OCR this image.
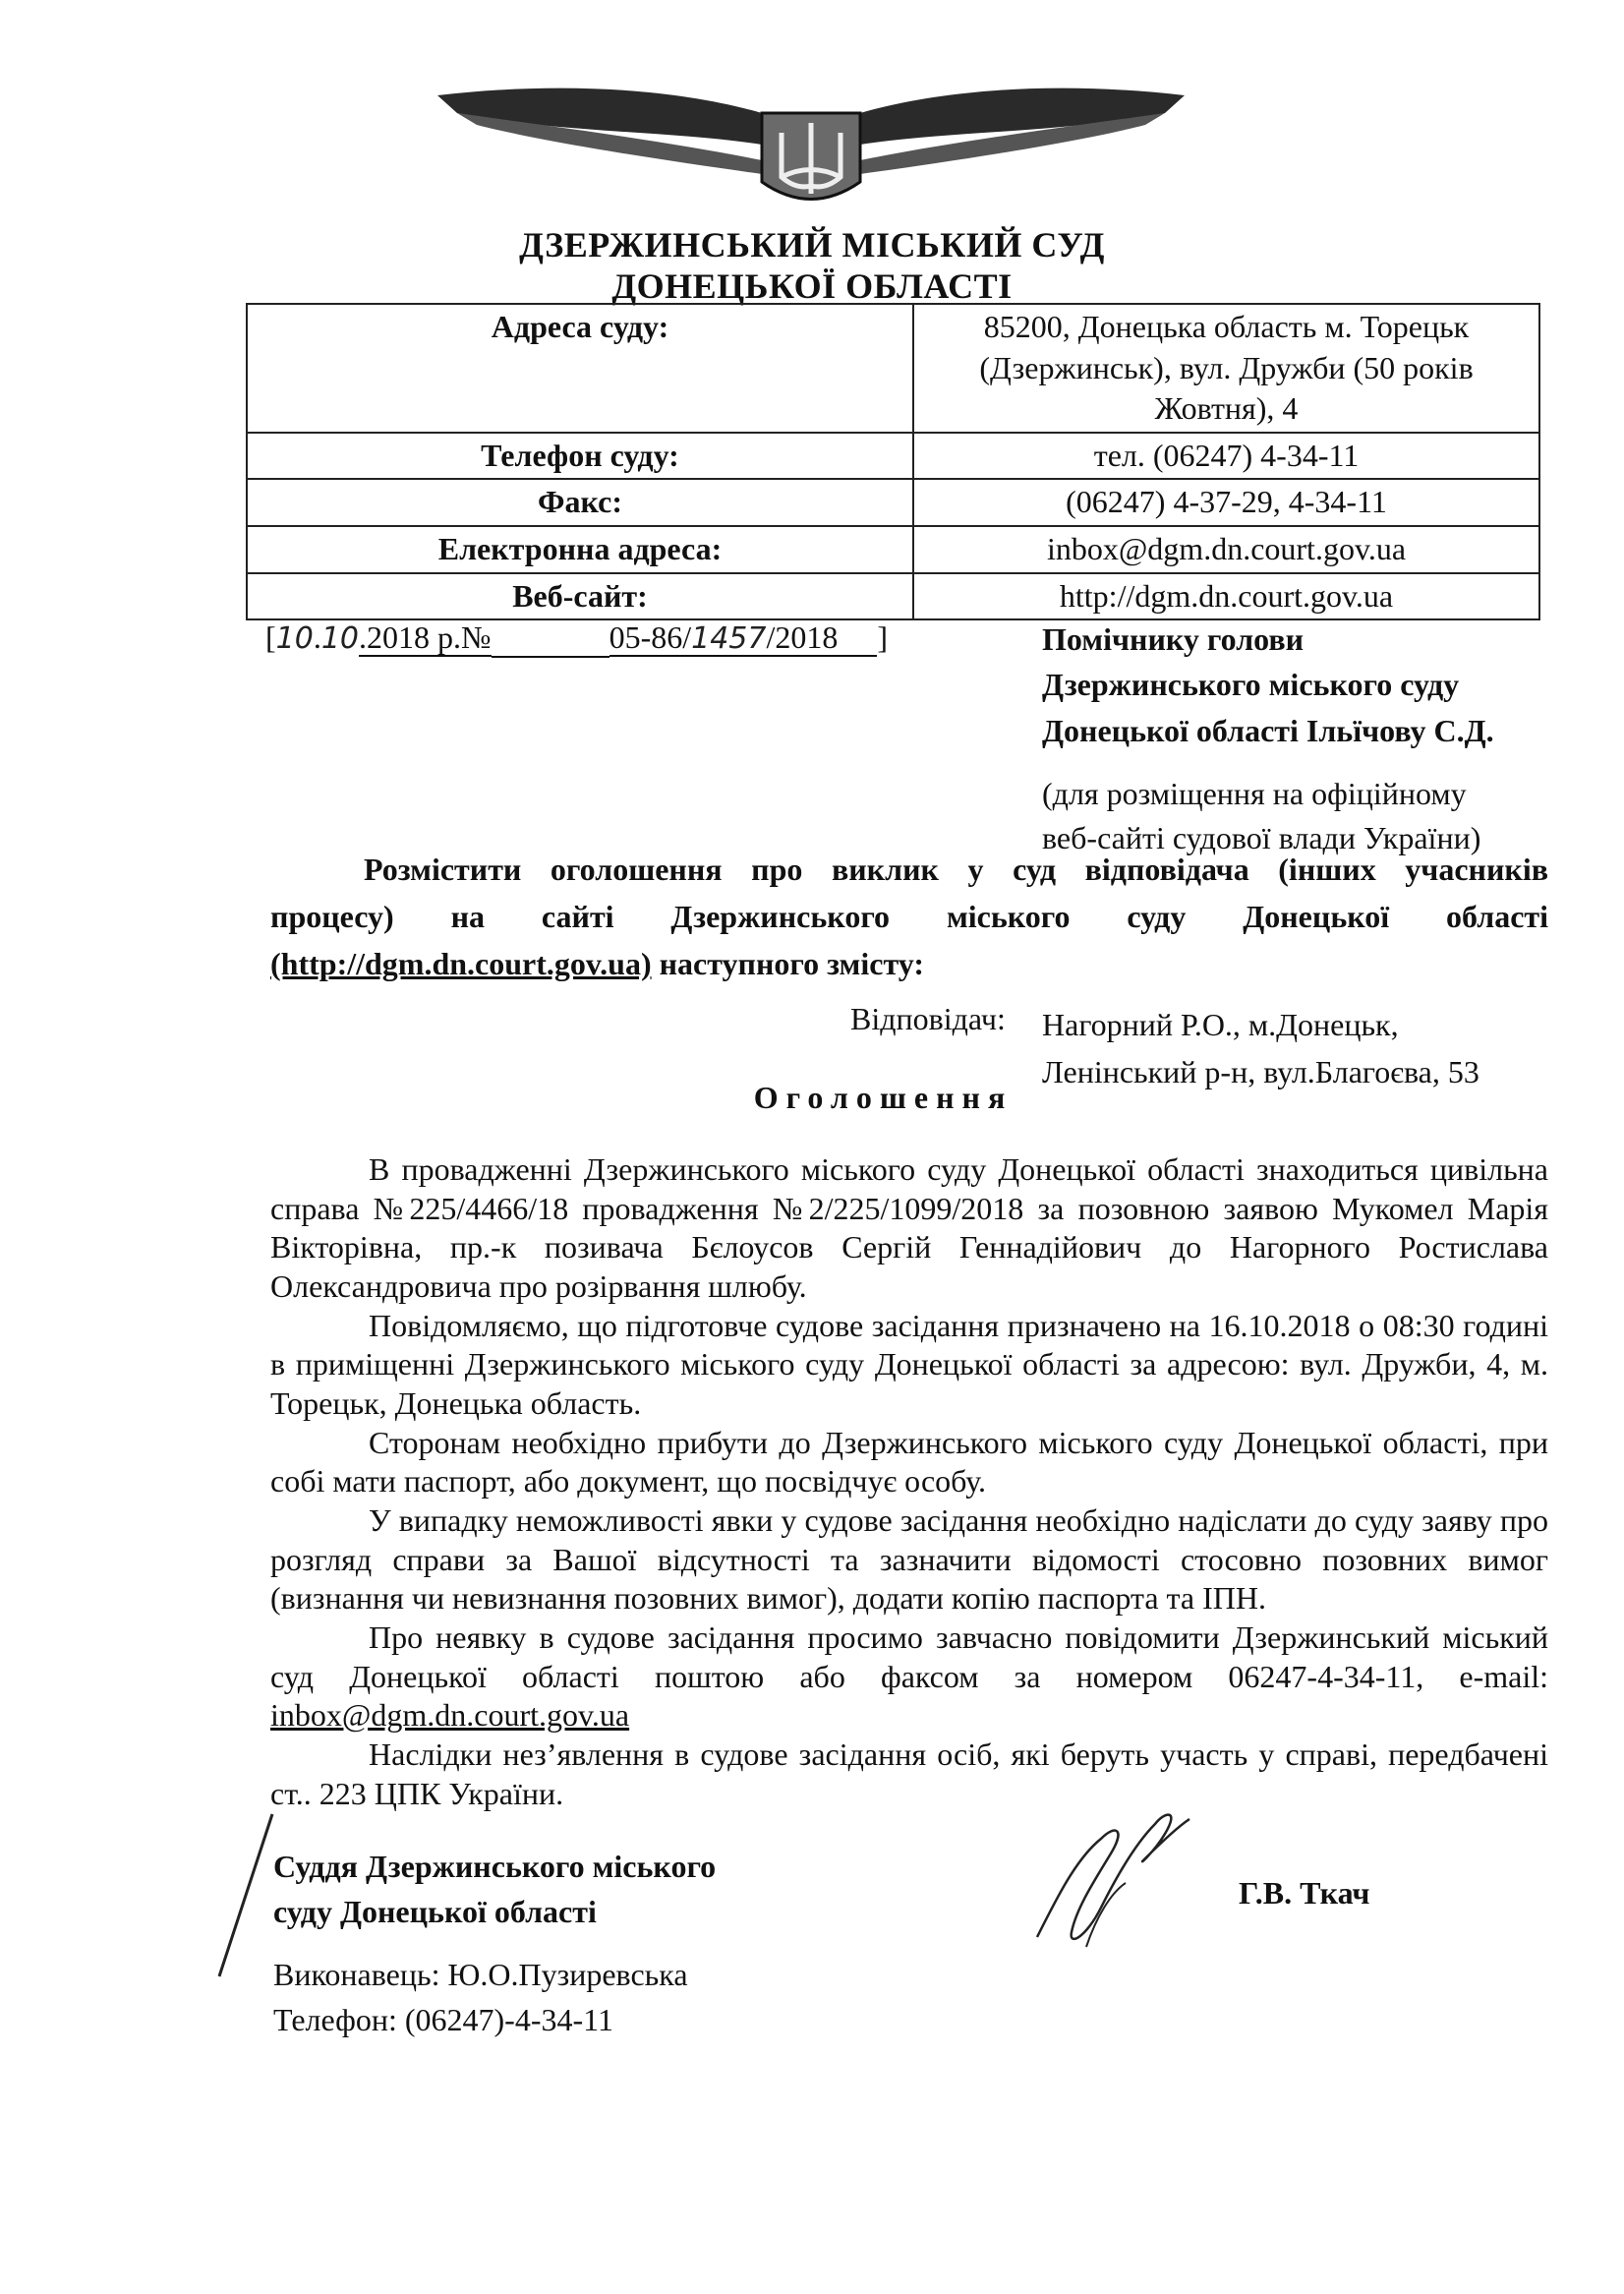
ДЗЕРЖИНСЬКИЙ МІСЬКИЙ СУД
ДОНЕЦЬКОЇ ОБЛАСТІ
Адреса суду:	85200, Донецька область м. Торецьк (Дзержинськ), вул. Дружби (50 років Жовтня), 4
Телефон суду:	тел. (06247) 4-34-11
Факс:	(06247) 4-37-29, 4-34-11
Електронна адреса:	inbox@dgm.dn.court.gov.ua
Веб-сайт:	http://dgm.dn.court.gov.ua
[10.10.2018 р.№	05-86/1457/2018 ]	Помічнику голови
Дзержинського міського суду
Донецької області Ільїчову С.Д.
(для розміщення на офіційному
веб-сайті судової влади України)
Розмістити оголошення про виклик у суд відповідача (інших учасників
процесу) на сайті Дзержинського міського суду Донецької області
(http://dgm.dn.court.gov.ua) наступного змісту:
Відповідач: Нагорний Р.О., м.Донецьк,
Ленінський р-н, вул.Благоєва, 53
Оголошення

В провадженні Дзержинського міського суду Донецької області знаходиться цивільна справа №225/4466/18 провадження №2/225/1099/2018 за позовною заявою Мукомел Марія Вікторівна, пр.-к позивача Бєлоусов Сергій Геннадійович до Нагорного Ростислава Олександровича про розірвання шлюбу.

Повідомляємо, що підготовче судове засідання призначено на 16.10.2018 о 08:30 годині в приміщенні Дзержинського міського суду Донецької області за адресою: вул. Дружби, 4, м. Торецьк, Донецька область.

Сторонам необхідно прибути до Дзержинського міського суду Донецької області, при собі мати паспорт, або документ, що посвідчує особу.

У випадку неможливості явки у судове засідання необхідно надіслати до суду заяву про розгляд справи за Вашої відсутності та зазначити відомості стосовно позовних вимог (визнання чи невизнання позовних вимог), додати копію паспорта та ІПН.

Про неявку в судове засідання просимо завчасно повідомити Дзержинський міський суд Донецької області поштою або факсом за номером 06247-4-34-11, e-mail: inbox@dgm.dn.court.gov.ua

Наслідки нез’явлення в судове засідання осіб, які беруть участь у справі, передбачені ст.. 223 ЦПК України.

Суддя Дзержинського міського
суду Донецької області
Г.В. Ткач
Виконавець: Ю.О.Пузиревська
Телефон: (06247)-4-34-11
